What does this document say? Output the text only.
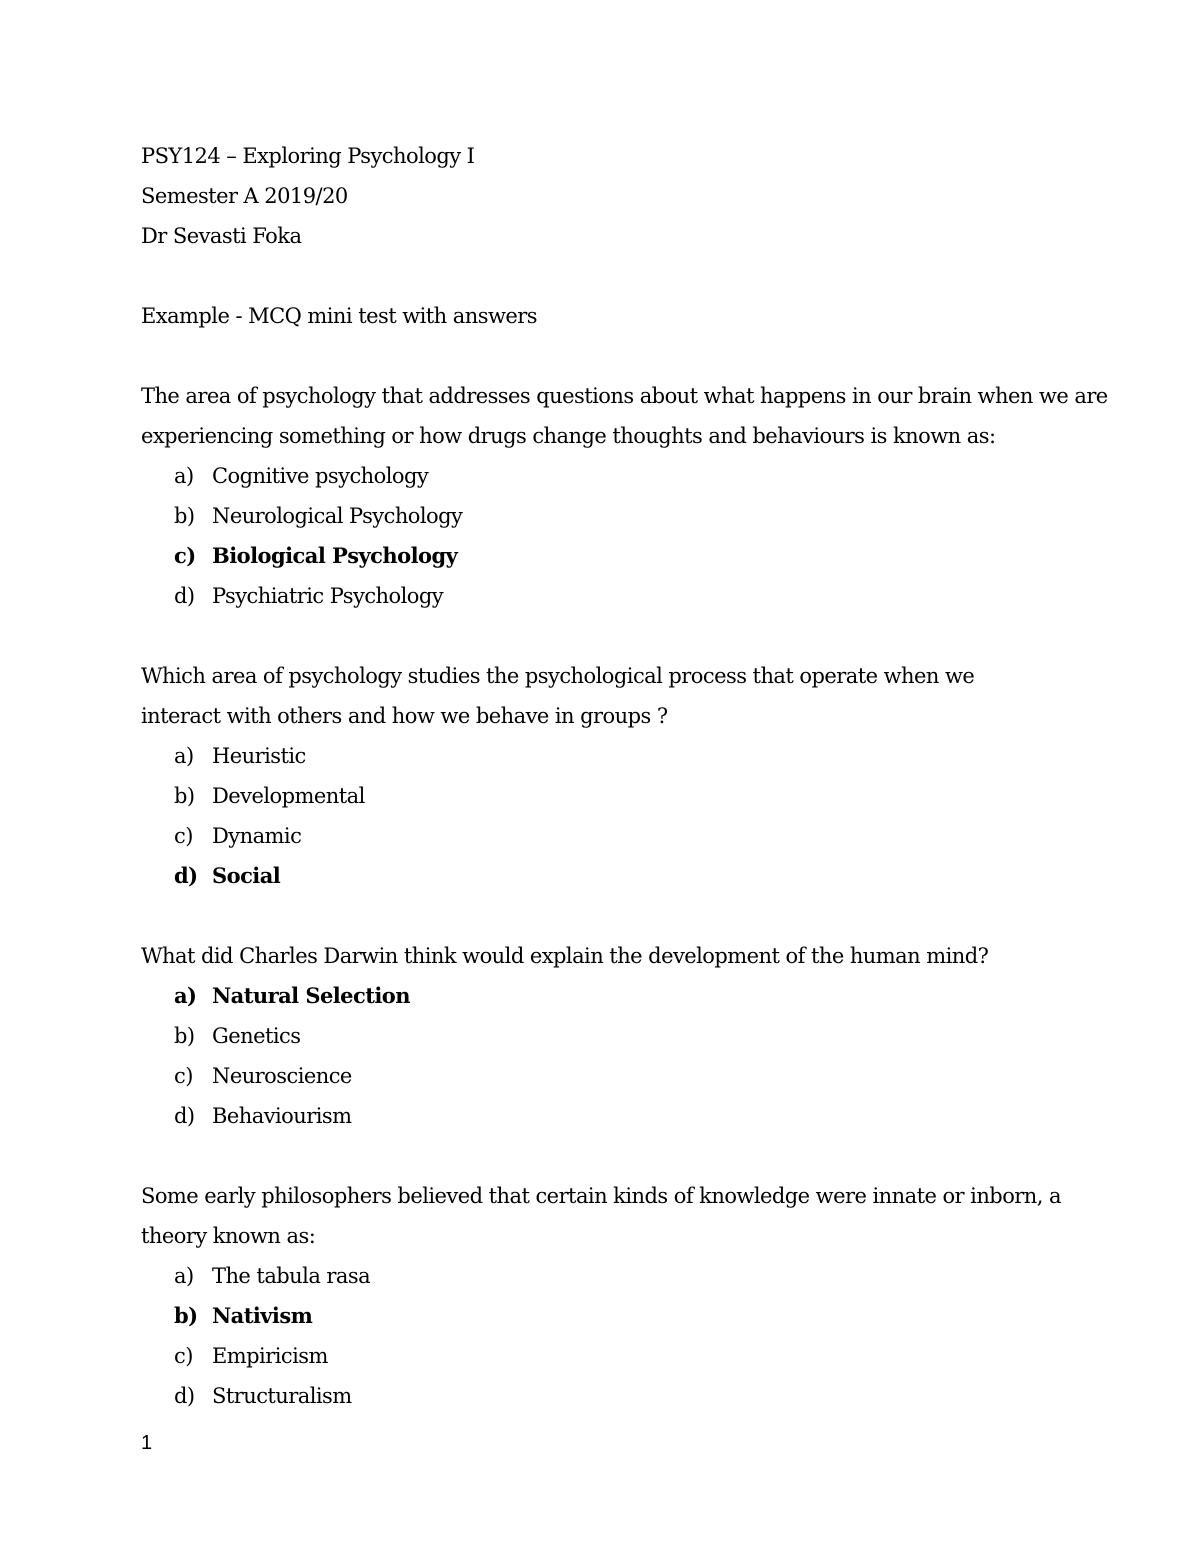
PSY124 – Exploring Psychology I
Semester A 2019/20
Dr Sevasti Foka
Example - MCQ mini test with answers
The area of psychology that addresses questions about what happens in our brain when we are
experiencing something or how drugs change thoughts and behaviours is known as:
a) Cognitive psychology
b) Neurological Psychology
c) Biological Psychology
d) Psychiatric Psychology
Which area of psychology studies the psychological process that operate when we
interact with others and how we behave in groups ?
a) Heuristic
b) Developmental
c) Dynamic
d) Social
What did Charles Darwin think would explain the development of the human mind?
a) Natural Selection
b) Genetics
c) Neuroscience
d) Behaviourism
Some early philosophers believed that certain kinds of knowledge were innate or inborn, a
theory known as:
a) The tabula rasa
b) Nativism
c) Empiricism
d) Structuralism
1
